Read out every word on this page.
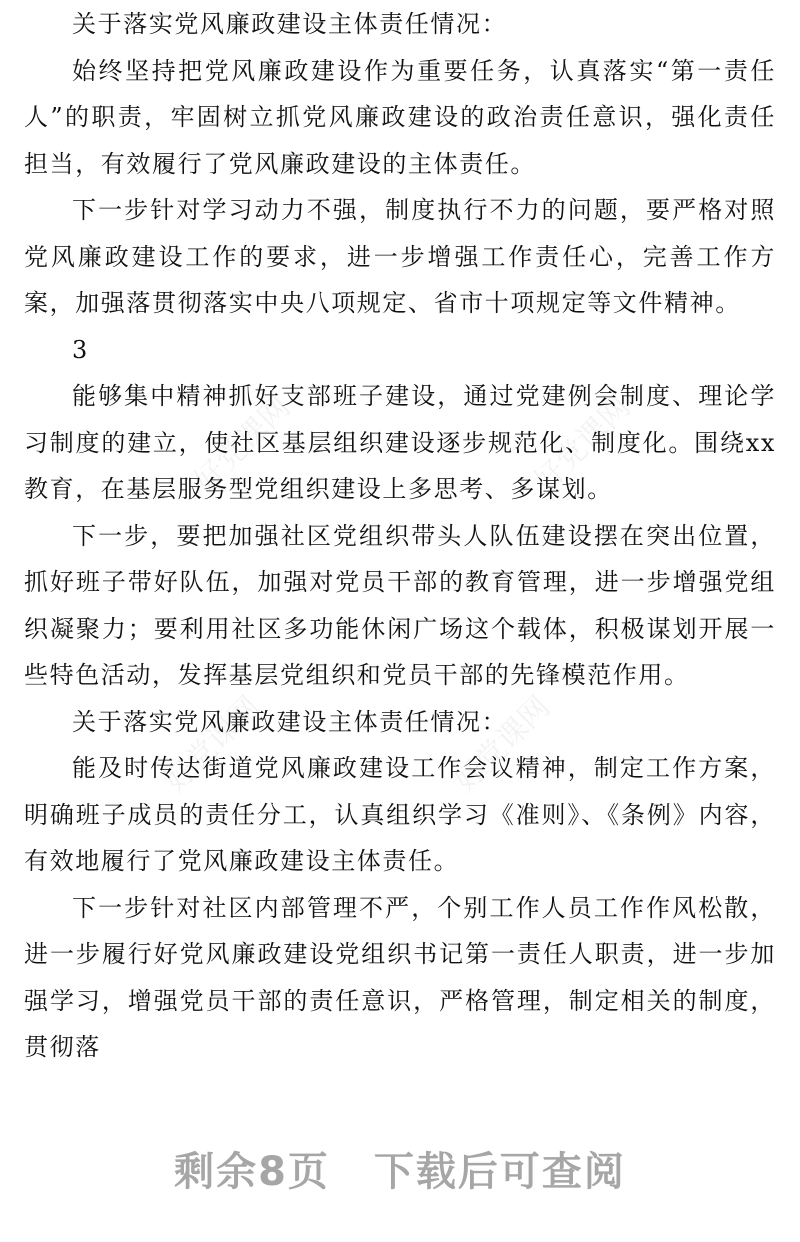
好党课网	好党课网
好党课网	好党课网

关于落实党风廉政建设主体责任情况：

始终坚持把党风廉政建设作为重要任务，认真落实“第一责任人”的职责，牢固树立抓党风廉政建设的政治责任意识，强化责任担当，有效履行了党风廉政建设的主体责任。

下一步针对学习动力不强，制度执行不力的问题，要严格对照党风廉政建设工作的要求，进一步增强工作责任心，完善工作方案，加强落贯彻落实中央八项规定、省市十项规定等文件精神。

3

能够集中精神抓好支部班子建设，通过党建例会制度、理论学习制度的建立，使社区基层组织建设逐步规范化、制度化。围绕xx教育，在基层服务型党组织建设上多思考、多谋划。

下一步，要把加强社区党组织带头人队伍建设摆在突出位置，抓好班子带好队伍，加强对党员干部的教育管理，进一步增强党组织凝聚力；要利用社区多功能休闲广场这个载体，积极谋划开展一些特色活动，发挥基层党组织和党员干部的先锋模范作用。

关于落实党风廉政建设主体责任情况：

能及时传达街道党风廉政建设工作会议精神，制定工作方案，明确班子成员的责任分工，认真组织学习《准则》、《条例》内容，有效地履行了党风廉政建设主体责任。

下一步针对社区内部管理不严，个别工作人员工作作风松散，进一步履行好党风廉政建设党组织书记第一责任人职责，进一步加强学习，增强党员干部的责任意识，严格管理，制定相关的制度，贯彻落

剩余8页 下载后可查阅
